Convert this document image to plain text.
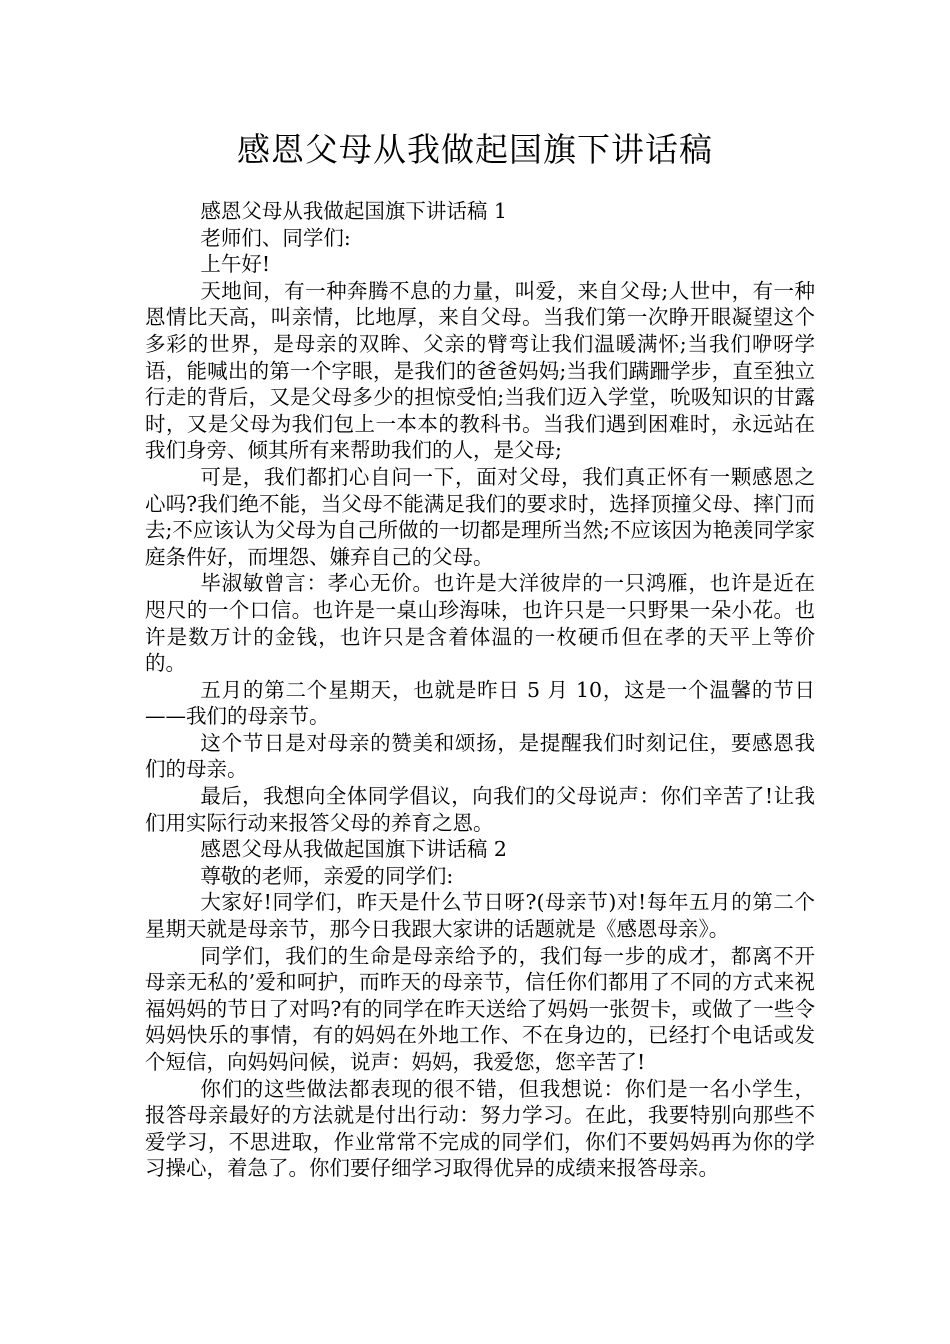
感恩父母从我做起国旗下讲话稿

感恩父母从我做起国旗下讲话稿 1

老师们、同学们:

上午好!

天地间，有一种奔腾不息的力量，叫爱，来自父母;人世中，有一种恩情比天高，叫亲情，比地厚，来自父母。当我们第一次睁开眼凝望这个多彩的世界，是母亲的双眸、父亲的臂弯让我们温暖满怀;当我们咿呀学语，能喊出的第一个字眼，是我们的爸爸妈妈;当我们蹒跚学步，直至独立行走的背后，又是父母多少的担惊受怕;当我们迈入学堂，吮吸知识的甘露时，又是父母为我们包上一本本的教科书。当我们遇到困难时，永远站在我们身旁、倾其所有来帮助我们的人，是父母;

可是，我们都扪心自问一下，面对父母，我们真正怀有一颗感恩之心吗?我们绝不能，当父母不能满足我们的要求时，选择顶撞父母、摔门而去;不应该认为父母为自己所做的一切都是理所当然;不应该因为艳羡同学家庭条件好，而埋怨、嫌弃自己的父母。

毕淑敏曾言：孝心无价。也许是大洋彼岸的一只鸿雁，也许是近在咫尺的一个口信。也许是一桌山珍海味，也许只是一只野果一朵小花。也许是数万计的金钱，也许只是含着体温的一枚硬币但在孝的天平上等价的。

五月的第二个星期天，也就是昨日 5 月 10，这是一个温馨的节日——我们的母亲节。

这个节日是对母亲的赞美和颂扬，是提醒我们时刻记住，要感恩我们的母亲。

最后，我想向全体同学倡议，向我们的父母说声：你们辛苦了!让我们用实际行动来报答父母的养育之恩。

感恩父母从我做起国旗下讲话稿 2

尊敬的老师，亲爱的同学们:

大家好!同学们，昨天是什么节日呀?(母亲节)对!每年五月的第二个星期天就是母亲节，那今日我跟大家讲的话题就是《感恩母亲》。

同学们，我们的生命是母亲给予的，我们每一步的成才，都离不开母亲无私的’爱和呵护，而昨天的母亲节，信任你们都用了不同的方式来祝福妈妈的节日了对吗?有的同学在昨天送给了妈妈一张贺卡，或做了一些令妈妈快乐的事情，有的妈妈在外地工作、不在身边的，已经打个电话或发个短信，向妈妈问候，说声：妈妈，我爱您，您辛苦了!

你们的这些做法都表现的很不错，但我想说：你们是一名小学生，报答母亲最好的方法就是付出行动：努力学习。在此，我要特别向那些不爱学习，不思进取，作业常常不完成的同学们，你们不要妈妈再为你的学习操心，着急了。你们要仔细学习取得优异的成绩来报答母亲。
